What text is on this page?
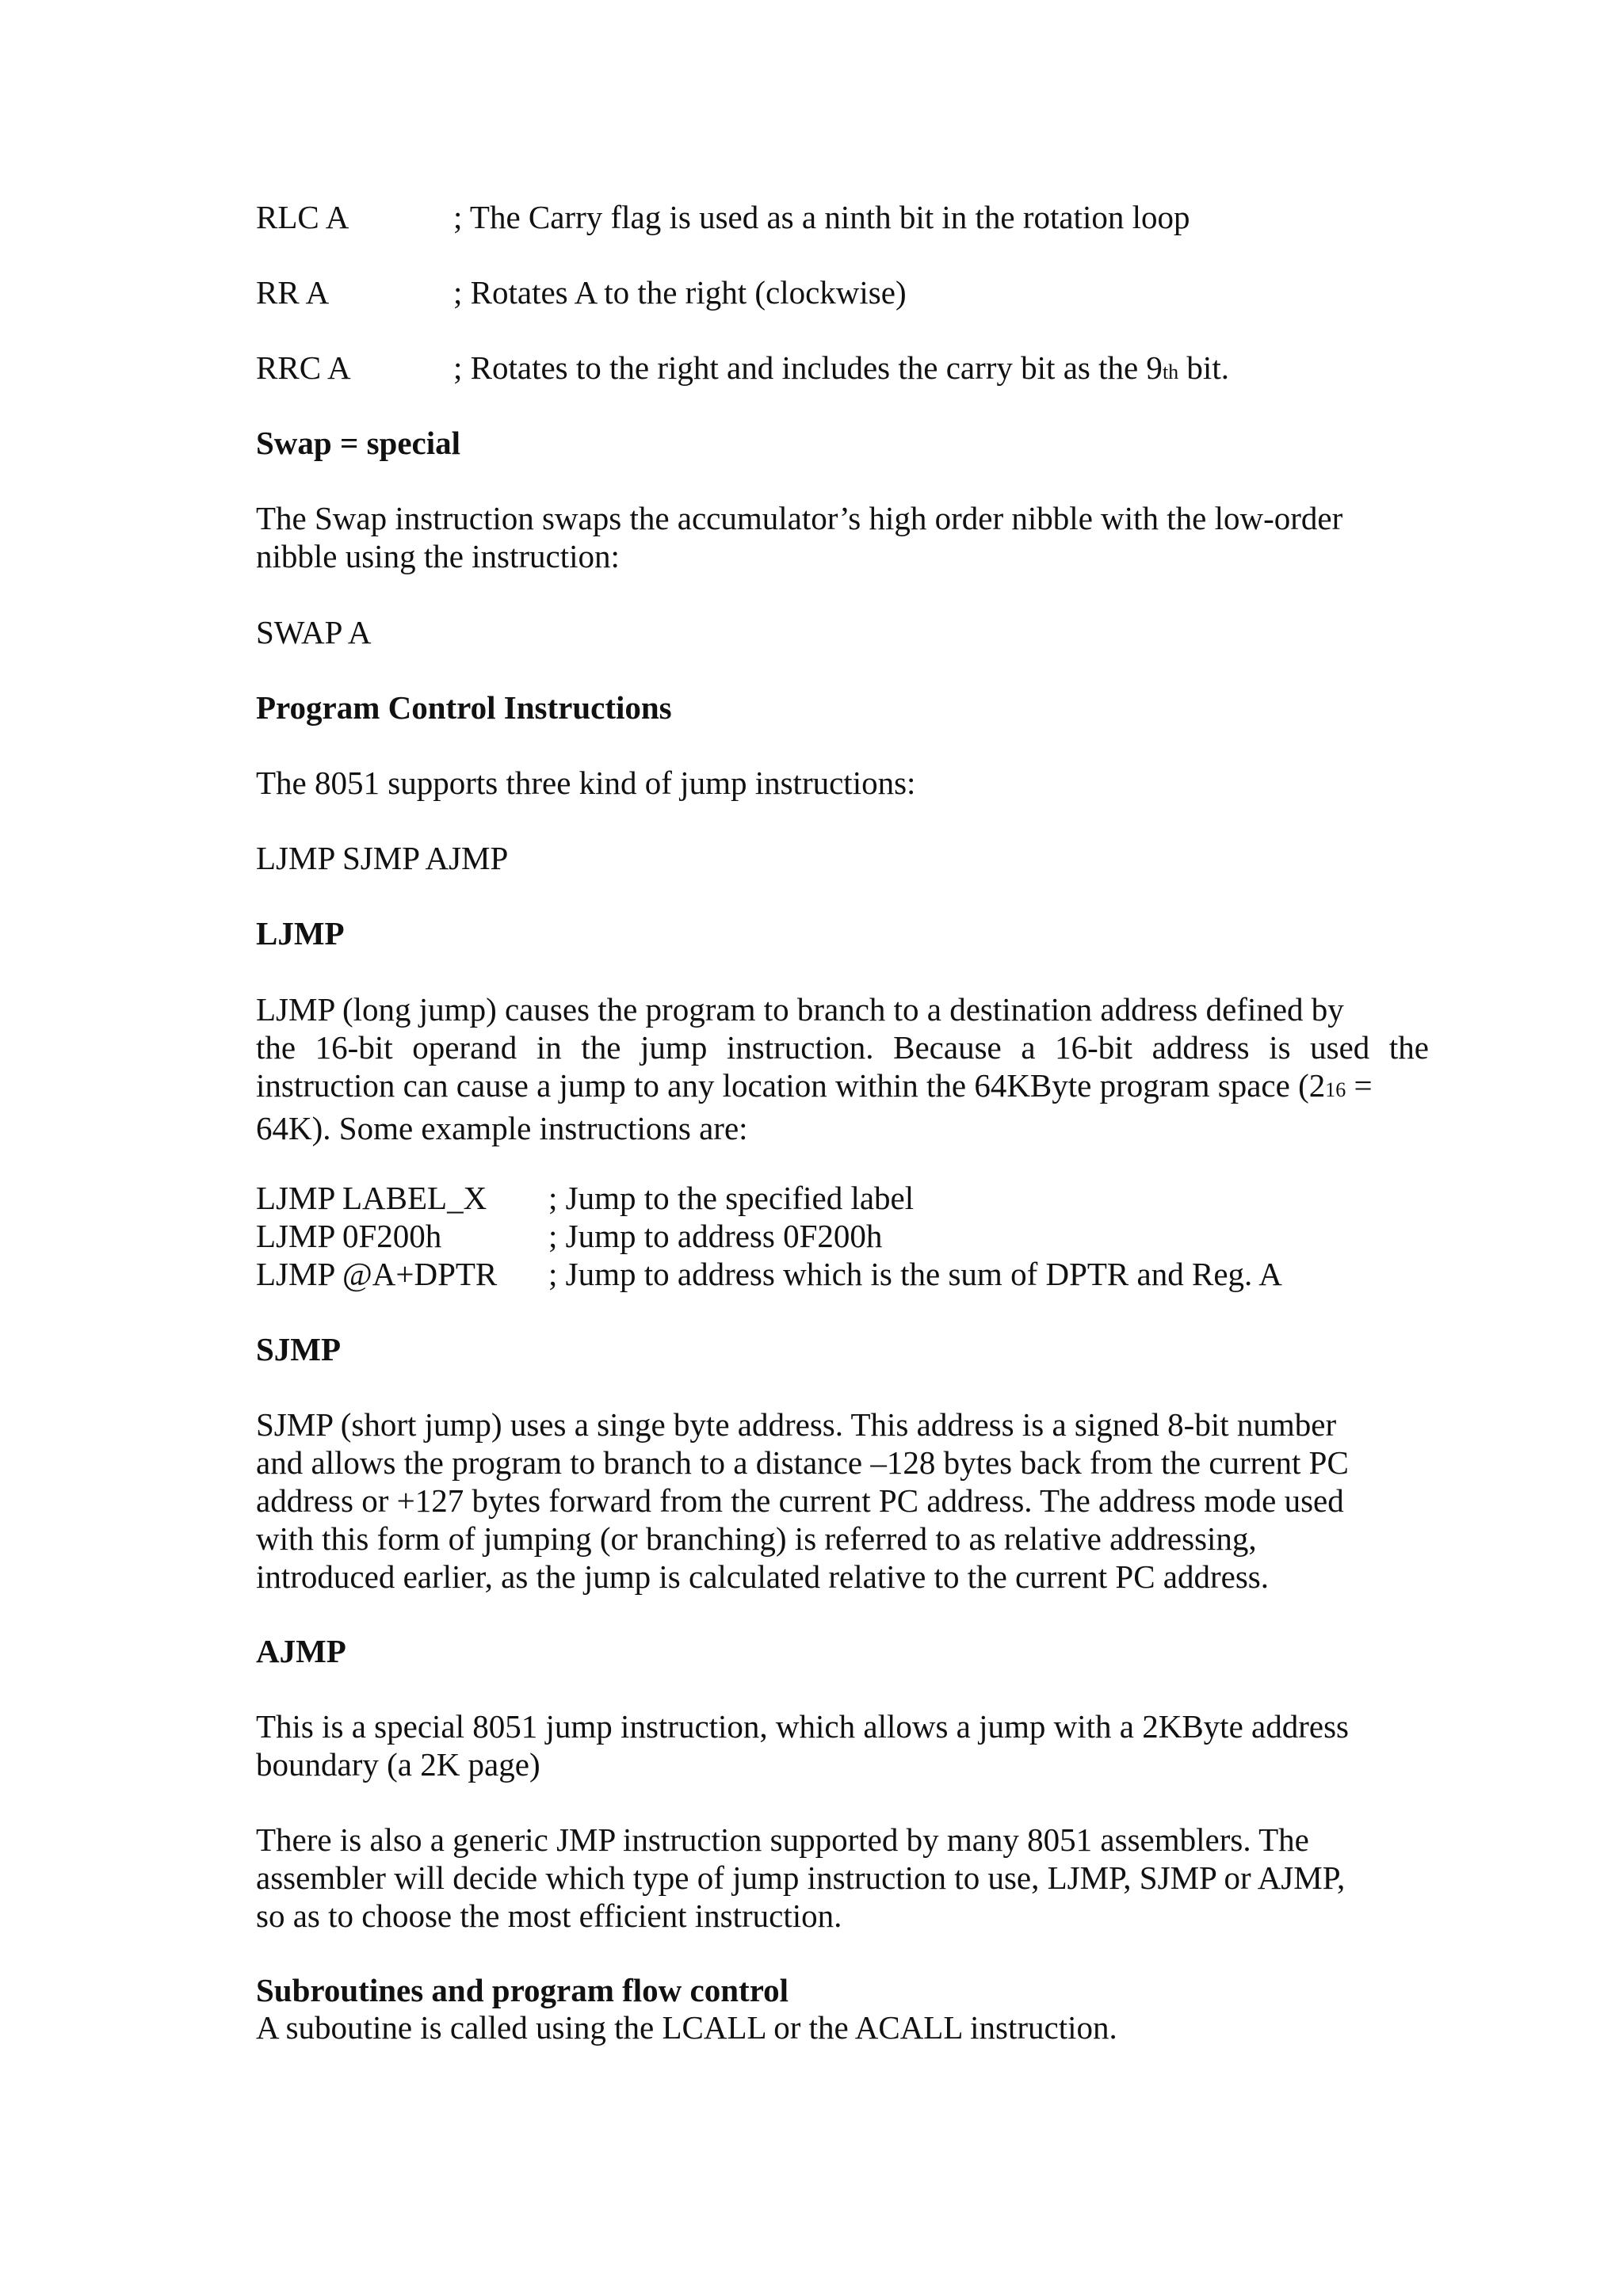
RLC A	; The Carry flag is used as a ninth bit in the rotation loop
RR A	; Rotates A to the right (clockwise)
RRC A	; Rotates to the right and includes the carry bit as the 9th bit.
Swap = special
The Swap instruction swaps the accumulator’s high order nibble with the low-order
nibble using the instruction:
SWAP A
Program Control Instructions
The 8051 supports three kind of jump instructions:
LJMP SJMP AJMP
LJMP
LJMP (long jump) causes the program to branch to a destination address defined by
the 16-bit operand in the jump instruction. Because a 16-bit address is used the
instruction can cause a jump to any location within the 64KByte program space (216 =
64K). Some example instructions are:
LJMP LABEL_X ; Jump to the specified label
LJMP 0F200h	; Jump to address 0F200h
LJMP @A+DPTR ; Jump to address which is the sum of DPTR and Reg. A
SJMP
SJMP (short jump) uses a singe byte address. This address is a signed 8-bit number
and allows the program to branch to a distance –128 bytes back from the current PC
address or +127 bytes forward from the current PC address. The address mode used
with this form of jumping (or branching) is referred to as relative addressing,
introduced earlier, as the jump is calculated relative to the current PC address.
AJMP
This is a special 8051 jump instruction, which allows a jump with a 2KByte address
boundary (a 2K page)
There is also a generic JMP instruction supported by many 8051 assemblers. The
assembler will decide which type of jump instruction to use, LJMP, SJMP or AJMP,
so as to choose the most efficient instruction.
Subroutines and program flow control
A suboutine is called using the LCALL or the ACALL instruction.
